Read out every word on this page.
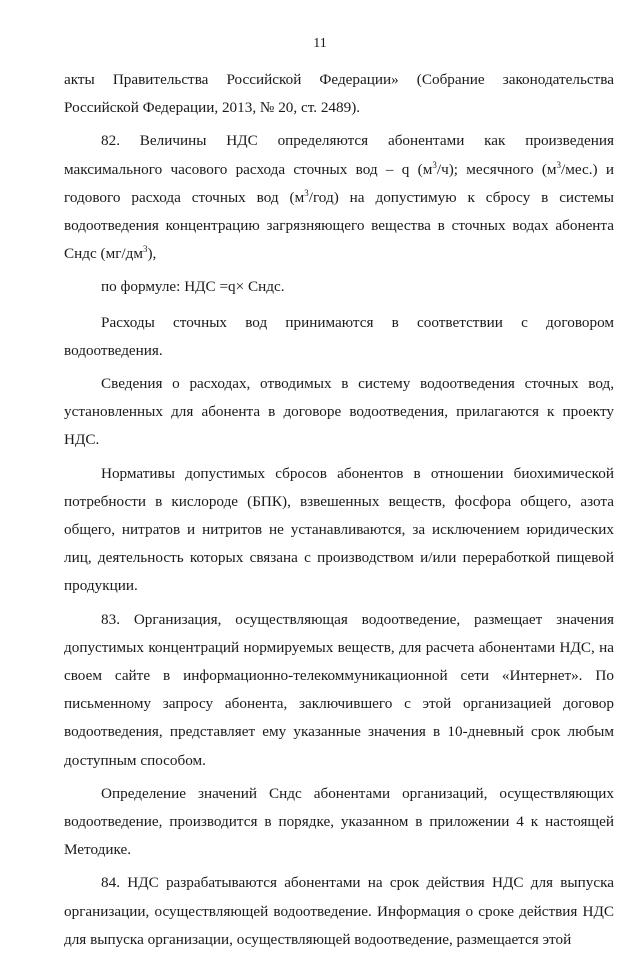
11

акты Правительства Российской Федерации» (Собрание законодательства Российской Федерации, 2013, № 20, ст. 2489).

82. Величины НДС определяются абонентами как произведения максимального часового расхода сточных вод – q $(м^3/ч)$; месячного $(м^3/мес.)$ и годового расхода сточных вод $(м^3/год)$ на допустимую к сбросу в системы водоотведения концентрацию загрязняющего вещества в сточных водах абонента Сндс $(мг/дм^3)$,

по формуле: НДС =q× Сндс.

Расходы сточных вод принимаются в соответствии с договором водоотведения.

Сведения о расходах, отводимых в систему водоотведения сточных вод, установленных для абонента в договоре водоотведения, прилагаются к проекту НДС.

Нормативы допустимых сбросов абонентов в отношении биохимической потребности в кислороде (БПК), взвешенных веществ, фосфора общего, азота общего, нитратов и нитритов не устанавливаются, за исключением юридических лиц, деятельность которых связана с производством и/или переработкой пищевой продукции.

83. Организация, осуществляющая водоотведение, размещает значения допустимых концентраций нормируемых веществ, для расчета абонентами НДС, на своем сайте в информационно-телекоммуникационной сети «Интернет». По письменному запросу абонента, заключившего с этой организацией договор водоотведения, представляет ему указанные значения в 10-дневный срок любым доступным способом.

Определение значений Сндс абонентами организаций, осуществляющих водоотведение, производится в порядке, указанном в приложении 4 к настоящей Методике.

84. НДС разрабатываются абонентами на срок действия НДС для выпуска организации, осуществляющей водоотведение. Информация о сроке действия НДС для выпуска организации, осуществляющей водоотведение, размещается этой
